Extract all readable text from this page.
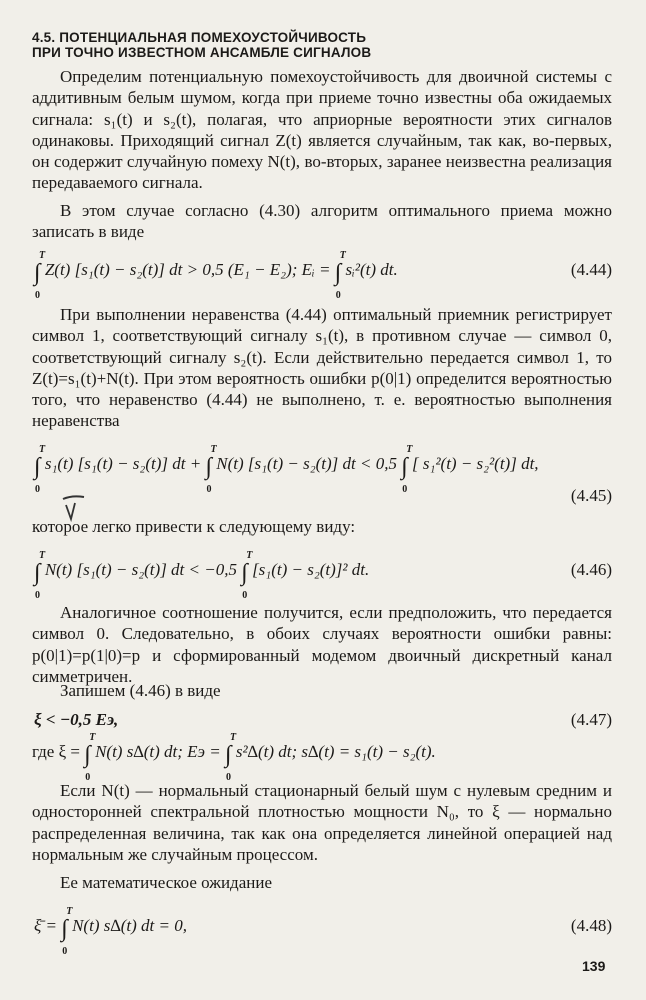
4.5. ПОТЕНЦИАЛЬНАЯ ПОМЕХОУСТОЙЧИВОСТЬ
ПРИ ТОЧНО ИЗВЕСТНОМ АНСАМБЛЕ СИГНАЛОВ

Определим потенциальную помехоустойчивость для двоичной системы с аддитивным белым шумом, когда при приеме точно известны оба ожидаемых сигнала: s₁(t) и s₂(t), полагая, что априорные вероятности этих сигналов одинаковы. Приходящий сигнал Z(t) является случайным, так как, во-первых, он содержит случайную помеху N(t), во-вторых, заранее неизвестна реализация передаваемого сигнала.

В этом случае согласно (4.30) алгоритм оптимального приема можно записать в виде

∫
T
0
Z(t) [s₁(t) − s₂(t)] dt > 0,5 (E₁ − E₂); Eᵢ = ∫
T
0
sᵢ²(t) dt.	(4.44)

При выполнении неравенства (4.44) оптимальный приемник регистрирует символ 1, соответствующий сигналу s₁(t), в противном случае — символ 0, соответствующий сигналу s₂(t). Если действительно передается символ 1, то Z(t)=s₁(t)+N(t). При этом вероятность ошибки p(0|1) определится вероятностью того, что неравенство (4.44) не выполнено, т. е. вероятностью выполнения неравенства

∫
T
0
s₁(t) [s₁(t) − s₂(t)] dt + ∫
T
0
N(t) [s₁(t) − s₂(t)] dt < 0,5 ∫
T
0
[ s₁²(t) − s₂²(t)] dt,
(4.45)

которое легко привести к следующему виду:

∫
T
0
N(t) [s₁(t) − s₂(t)] dt < −0,5 ∫
T
0
[s₁(t) − s₂(t)]² dt.	(4.46)

Аналогичное соотношение получится, если предположить, что передается символ 0. Следовательно, в обоих случаях вероятности ошибки равны: p(0|1)=p(1|0)=p и сформированный модемом двоичный дискретный канал симметричен.

Запишем (4.46) в виде

ξ < −0,5 Eэ,	(4.47)
где ξ = ∫
T
0
N(t) s∆(t) dt; Eэ = ∫
T
0
s²∆(t) dt; s∆(t) = s₁(t) − s₂(t).

Если N(t) — нормальный стационарный белый шум с нулевым средним и односторонней спектральной плотностью мощности N₀, то ξ — нормально распределенная величина, так как она определяется линейной операцией над нормальным же случайным процессом.

Ее математическое ожидание

ξ̄ = ∫
T
0
N(t) s∆(t) dt = 0,	(4.48)
139
